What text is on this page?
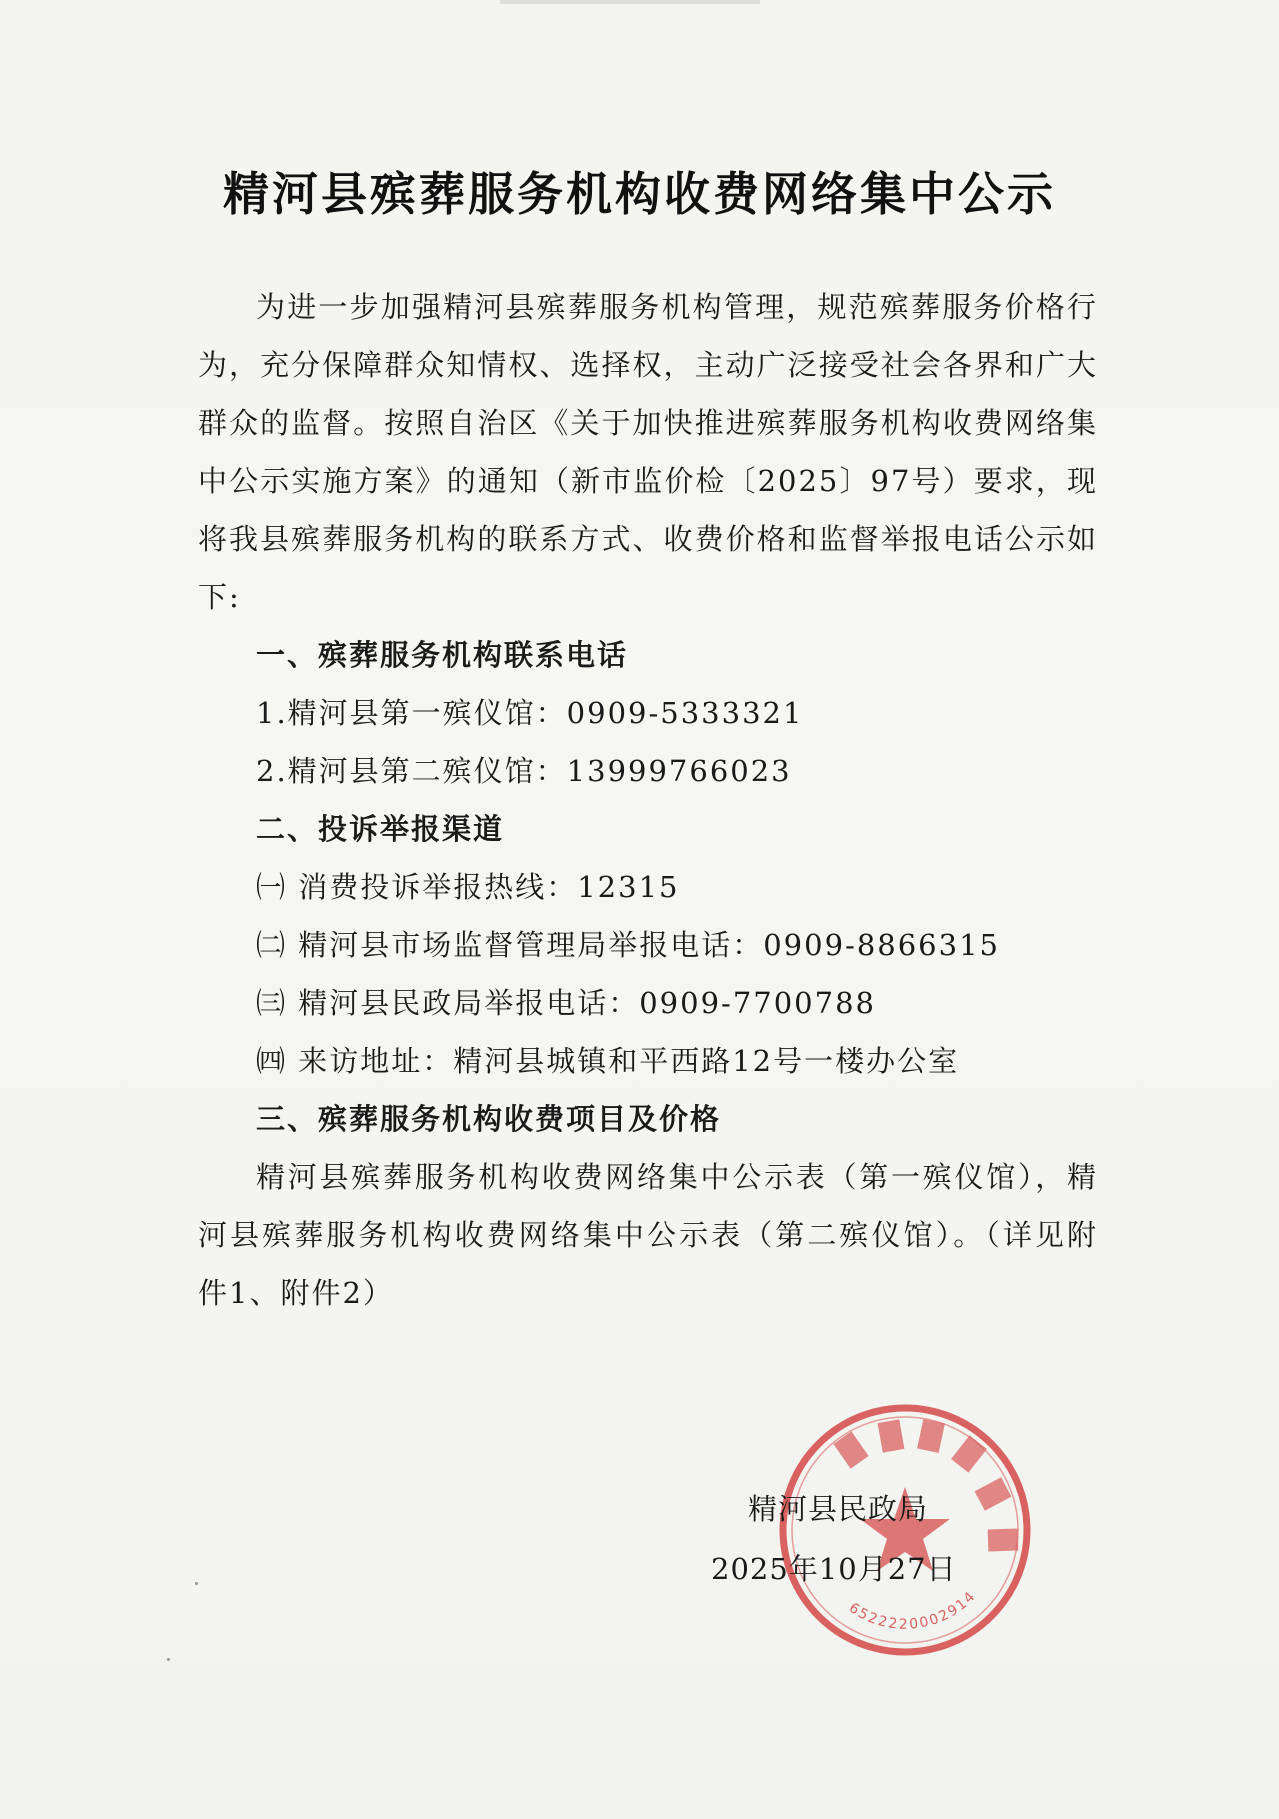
精河县殡葬服务机构收费网络集中公示

为进一步加强精河县殡葬服务机构管理，规范殡葬服务价格行为，充分保障群众知情权、选择权，主动广泛接受社会各界和广大群众的监督。按照自治区《关于加快推进殡葬服务机构收费网络集中公示实施方案》的通知（新市监价检〔2025〕97号）要求，现将我县殡葬服务机构的联系方式、收费价格和监督举报电话公示如下:

一、殡葬服务机构联系电话

1.精河县第一殡仪馆：0909-5333321

2.精河县第二殡仪馆：13999766023

二、投诉举报渠道

㈠ 消费投诉举报热线：12315

㈡ 精河县市场监督管理局举报电话：0909-8866315

㈢ 精河县民政局举报电话：0909-7700788

㈣ 来访地址：精河县城镇和平西路12号一楼办公室

三、殡葬服务机构收费项目及价格

精河县殡葬服务机构收费网络集中公示表（第一殡仪馆），精河县殡葬服务机构收费网络集中公示表（第二殡仪馆）。（详见附件1、附件2）

6522220002914
精河县民政局
2025年10月27日
